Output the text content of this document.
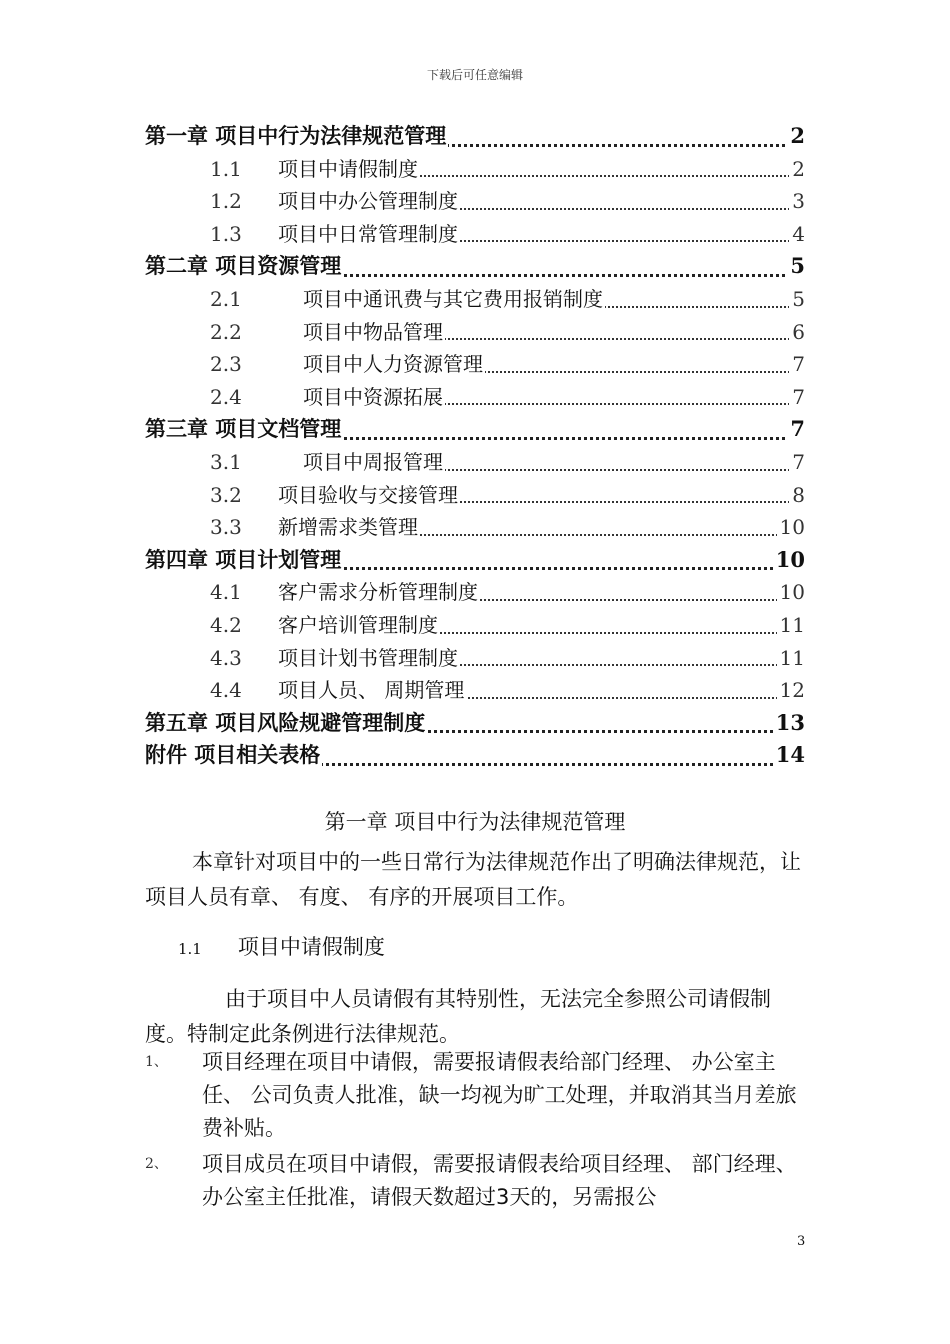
下载后可任意编辑
第一章 项目中行为法律规范管理	2
1.1 项目中请假制度	2
1.2 项目中办公管理制度	3
1.3 项目中日常管理制度	4
第二章 项目资源管理	5
2.1	项目中通讯费与其它费用报销制度	5
2.2	项目中物品管理	6
2.3	项目中人力资源管理	7
2.4	项目中资源拓展	7
第三章 项目文档管理	7
3.1	项目中周报管理	7
3.2 项目验收与交接管理	8
3.3 新增需求类管理	10
第四章 项目计划管理	10
4.1 客户需求分析管理制度	10
4.2 客户培训管理制度	11
4.3 项目计划书管理制度	11
4.4 项目人员、 周期管理	12
第五章 项目风险规避管理制度	13
附件 项目相关表格	14
第一章 项目中行为法律规范管理
本章针对项目中的一些日常行为法律规范作出了明确法律规范，让项目人员有章、 有度、 有序的开展项目工作。
1.1 项目中请假制度
由于项目中人员请假有其特别性，无法完全参照公司请假制度。特制定此条例进行法律规范。
1、 项目经理在项目中请假，需要报请假表给部门经理、 办公室主任、 公司负责人批准，缺一均视为旷工处理，并取消其当月差旅费补贴。
2、 项目成员在项目中请假，需要报请假表给项目经理、 部门经理、 办公室主任批准，请假天数超过3天的，另需报公
3
